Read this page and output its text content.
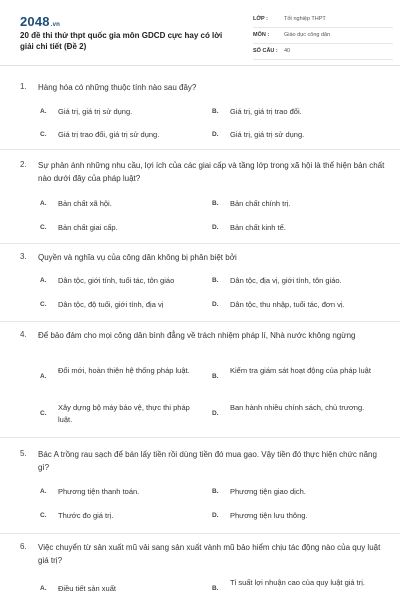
2048.vn
20 đề thi thử thpt quốc gia môn GDCD cực hay có lời giải chi tiết (Đề 2)
LỚP :	Tốt nghiệp THPT
MÔN :	Giáo dục công dân
SỐ CÂU : 40
1. Hàng hóa có những thuộc tính nào sau đây?
A. Giá trị, giá trị sử dụng.	B. Giá trị, giá trị trao đổi.
C. Giá trị trao đổi, giá trị sử dụng.	D. Giá trị, giá trị sử dụng.
2. Sự phản ánh những nhu cầu, lợi ích của các giai cấp và tầng lớp trong xã hội là thể hiện bản chất nào dưới đây của pháp luật?
A. Bản chất xã hội.	B. Bản chất chính trị.
C. Bản chất giai cấp.	D. Bản chất kinh tế.
3. Quyền và nghĩa vụ của công dân không bị phân biệt bởi
A. Dân tộc, giới tính, tuổi tác, tôn giáo	B. Dân tộc, địa vị, giới tính, tôn giáo.
C. Dân tộc, độ tuổi, giới tính, địa vị	D. Dân tộc, thu nhập, tuổi tác, đơn vị.
4. Để bảo đảm cho mọi công dân bình đẳng về trách nhiệm pháp lí, Nhà nước không ngừng
A.
Đổi mới, hoàn thiện hệ thống pháp luật.
B.
Kiểm tra giám sát hoạt động của pháp luật
C.
Xây dựng bộ máy bảo vệ, thực thi pháp luật.
D.
Ban hành nhiều chính sách, chủ trương.
5. Bác A trồng rau sạch để bán lấy tiền rồi dùng tiền đó mua gạo. Vậy tiền đó thực hiện chức năng gì?
A. Phương tiện thanh toán.	B. Phương tiện giao dịch.
C. Thước đo giá trị.	D. Phương tiện lưu thông.
6. Việc chuyển từ sản xuất mũ vải sang sản xuất vành mũ bảo hiểm chịu tác động nào của quy luật giá trị?
A. Điều tiết sản xuất	B.
Tỉ suất lợi nhuận cao của quy luật giá trị.
